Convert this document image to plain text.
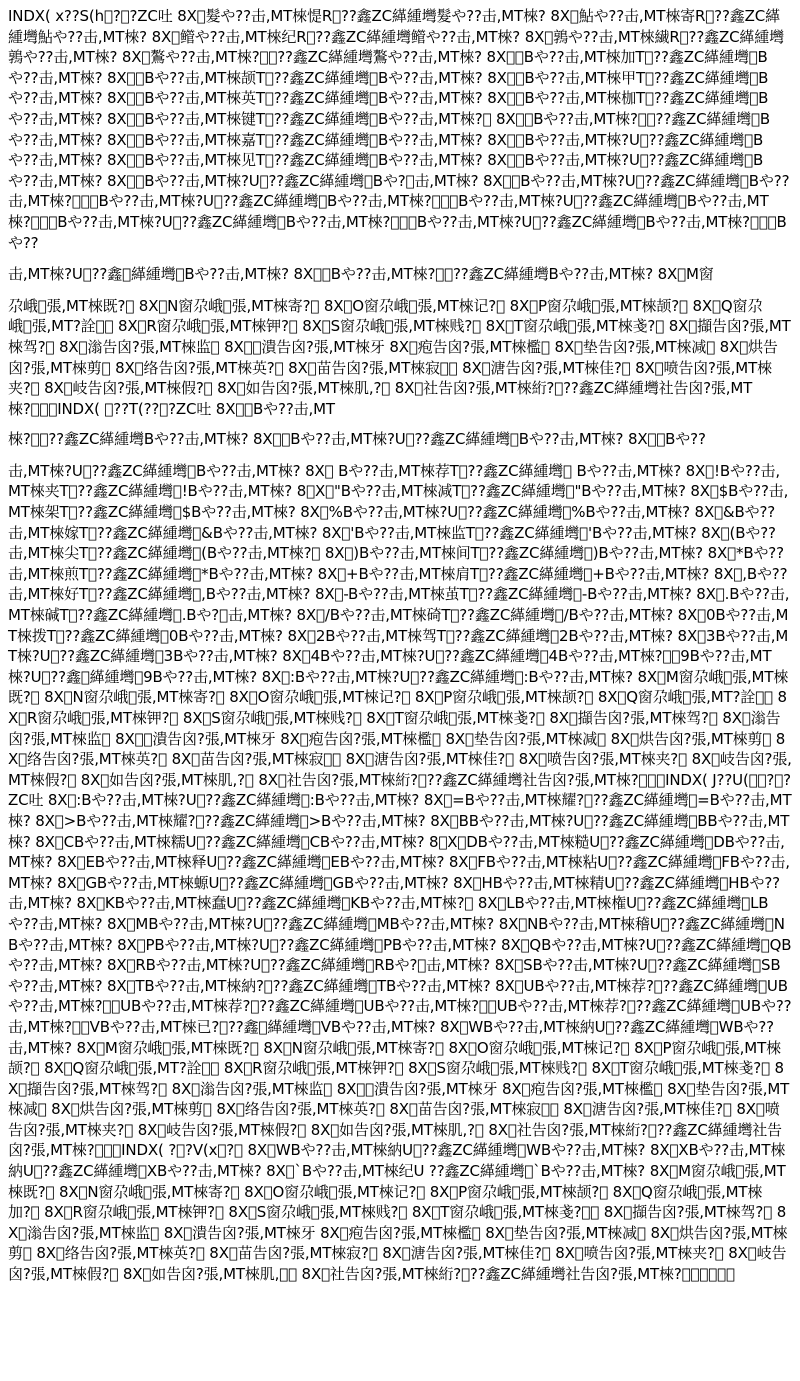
INDX( x??S(h ? ?ZC吐 8X 髮や??击,MT棶惿R ??鑫ZC緙緟壪髮や??击,MT棶? 8X 鮎や??击,MT棶寄R ??鑫ZC緙緟壪鮎や??击,MT棶? 8X 鳤や??击,MT棶纪R ??鑫ZC緙緟壪鳤や??击,MT棶? 8X 鶉や??击,MT棶繊R ??鑫ZC緙緟壪鶉や??击,MT棶? 8X 鷔や??击,MT棶?  ??鑫ZC緙緟壪鷔や??击,MT棶? 8X  Bや??击,MT棶加T ??鑫ZC緙緟壪 Bや??击,MT棶? 8X  Bや??击,MT棶颉T ??鑫ZC緙緟壪 Bや??击,MT棶? 8X  Bや??击,MT棶甲T ??鑫ZC緙緟壪 Bや??击,MT棶? 8X  Bや??击,MT棶英T ??鑫ZC緙緟壪 Bや??击,MT棶? 8X  Bや??击,MT棶枷T ??鑫ZC緙緟壪 Bや??击,MT棶? 8X  Bや??击,MT棶键T ??鑫ZC緙緟壪 Bや??击,MT棶?  8X  Bや??击,MT棶?  ??鑫ZC緙緟壪 Bや??击,MT棶? 8X  Bや??击,MT棶嘉T ??鑫ZC緙緟壪 Bや??击,MT棶? 8X  Bや??击,MT棶?U ??鑫ZC緙緟壪 Bや??击,MT棶? 8X  Bや??击,MT棶见T ??鑫ZC緙緟壪 Bや??击,MT棶? 8X  Bや??击,MT棶?U ??鑫ZC緙緟壪 Bや??击,MT棶? 8X  Bや??击,MT棶?U ??鑫ZC緙緟壪 Bや? 击,MT棶? 8X  Bや??击,MT棶?U ??鑫ZC緙緟壪 Bや??击,MT棶?   Bや??击,MT棶?U ??鑫ZC緙緟壪 Bや??击,MT棶?   Bや??击,MT棶?U ??鑫ZC緙緟壪 Bや??击,MT棶?   Bや??击,MT棶?U ??鑫ZC緙緟壪 Bや??击,MT棶?   Bや??击,MT棶?U ??鑫ZC緙緟壪 Bや??击,MT棶?   Bや??

击,MT棶?U ??鑫 緙緟壪 Bや??击,MT棶? 8X  Bや??击,MT棶?  ??鑫ZC緙緟壪Bや??击,MT棶? 8X M窗

尕峨 張,MT棶既?  8X N窗尕峨 張,MT棶寄?  8X O窗尕峨 張,MT棶记?  8X P窗尕峨 張,MT棶颉?  8X Q窗尕峨 張,MT?詮   8X R窗尕峨 張,MT棶钾?  8X S窗尕峨 張,MT棶贱?  8X T窗尕峨 張,MT棶戔?  8X 擷告囟?張,MT棶驾?  8X 滃告囟?張,MT棶监  8X  潰告囟?張,MT棶牙 8X 疱告囟?張,MT棶檻  8X 垫告囟?張,MT棶减  8X 烘告囟?張,MT棶剪  8X 络告囟?張,MT棶英?  8X 苗告囟?張,MT棶寂   8X 溏告囟?張,MT棶佳?  8X 喷告囟?張,MT棶夹?  8X 岐告囟?張,MT棶假?  8X 如告囟?張,MT棶肌,?  8X 社告囟?張,MT棶絎? ??鑫ZC緙緟壪社告囟?張,MT棶?   INDX(  ??T(?? ?ZC吐 8X  Bや??击,MT

棶?  ??鑫ZC緙緟壪Bや??击,MT棶? 8X  Bや??击,MT棶?U ??鑫ZC緙緟壪 Bや??击,MT棶? 8X  Bや??

击,MT棶?U ??鑫ZC緙緟壪 Bや??击,MT棶? 8X  Bや??击,MT棶荐T ??鑫ZC緙緟壪  Bや??击,MT棶? 8X !Bや??击,MT棶夹T ??鑫ZC緙緟壪 !Bや??击,MT棶? 8 X "Bや??击,MT棶减T ??鑫ZC緙緟壪 "Bや??击,MT棶? 8X $Bや??击,MT棶架T ??鑫ZC緙緟壪 $Bや??击,MT棶? 8X %Bや??击,MT棶?U ??鑫ZC緙緟壪 %Bや??击,MT棶? 8X &Bや??击,MT棶嫁T ??鑫ZC緙緟壪 &Bや??击,MT棶? 8X 'Bや??击,MT棶监T ??鑫ZC緙緟壪 'Bや??击,MT棶? 8X (Bや??击,MT棶尖T ??鑫ZC緙緟壪 (Bや??击,MT棶?  8X )Bや??击,MT棶间T ??鑫ZC緙緟壪 )Bや??击,MT棶? 8X *Bや??击,MT棶煎T ??鑫ZC緙緟壪 *Bや??击,MT棶? 8X +Bや??击,MT棶肩T ??鑫ZC緙緟壪 +Bや??击,MT棶? 8X ,Bや??击,MT棶好T ??鑫ZC緙緟壪 ,Bや??击,MT棶? 8X -Bや??击,MT棶茧T ??鑫ZC緙緟壪 -Bや??击,MT棶? 8X .Bや??击,MT棶碱T ??鑫ZC緙緟壪 .Bや? 击,MT棶? 8X /Bや??击,MT棶碕T ??鑫ZC緙緟壪 /Bや??击,MT棶? 8X 0Bや??击,MT棶拨T ??鑫ZC緙緟壪 0Bや??击,MT棶? 8X 2Bや??击,MT棶驾T ??鑫ZC緙緟壪 2Bや??击,MT棶? 8X 3Bや??击,MT棶?U ??鑫ZC緙緟壪 3Bや??击,MT棶? 8X 4Bや??击,MT棶?U ??鑫ZC緙緟壪 4Bや??击,MT棶?  9Bや??击,MT棶?U ??鑫 緙緟壪 9Bや??击,MT棶? 8X :Bや??击,MT棶?U ??鑫ZC緙緟壪 :Bや??击,MT棶? 8X M窗尕峨 張,MT棶既?  8X N窗尕峨 張,MT棶寄?  8X O窗尕峨 張,MT棶记?  8X P窗尕峨 張,MT棶颉?  8X Q窗尕峨 張,MT?詮   8X R窗尕峨 張,MT棶钾?  8X S窗尕峨 張,MT棶贱?  8X T窗尕峨 張,MT棶戔?  8X 擷告囟?張,MT棶驾?  8X 滃告囟?張,MT棶监  8X  潰告囟?張,MT棶牙 8X 疱告囟?張,MT棶檻  8X 垫告囟?張,MT棶减  8X 烘告囟?張,MT棶剪  8X 络告囟?張,MT棶英?  8X 苗告囟?張,MT棶寂   8X 溏告囟?張,MT棶佳?  8X 喷告囟?張,MT棶夹?  8X 岐告囟?張,MT棶假?  8X 如告囟?張,MT棶肌,?  8X 社告囟?張,MT棶絎? ??鑫ZC緙緟壪社告囟?張,MT棶?   INDX( J??U(  ? ?ZC吐 8X :Bや??击,MT棶?U ??鑫ZC緙緟壪 :Bや??击,MT棶? 8X =Bや??击,MT棶耀? ??鑫ZC緙緟壪 =Bや??击,MT棶? 8X >Bや??击,MT棶耀? ??鑫ZC緙緟壪 >Bや??击,MT棶? 8X BBや??击,MT棶?U ??鑫ZC緙緟壪 BBや??击,MT棶? 8X CBや??击,MT棶糯U ??鑫ZC緙緟壪 CBや??击,MT棶? 8 X DBや??击,MT棶糙U ??鑫ZC緙緟壪 DBや??击,MT棶? 8X EBや??击,MT棶释U ??鑫ZC緙緟壪 EBや??击,MT棶? 8X FBや??击,MT棶粘U ??鑫ZC緙緟壪 FBや??击,MT棶? 8X GBや??击,MT棶螈U ??鑫ZC緙緟壪 GBや??击,MT棶? 8X HBや??击,MT棶精U ??鑫ZC緙緟壪 HBや??击,MT棶? 8X KBや??击,MT棶蠢U ??鑫ZC緙緟壪 KBや??击,MT棶?  8X LBや??击,MT棶権U ??鑫ZC緙緟壪 LBや??击,MT棶? 8X MBや??击,MT棶?U ??鑫ZC緙緟壪 MBや??击,MT棶? 8X NBや??击,MT棶稽U ??鑫ZC緙緟壪 NBや??击,MT棶? 8X PBや??击,MT棶?U ??鑫ZC緙緟壪 PBや??击,MT棶? 8X QBや??击,MT棶?U ??鑫ZC緙緟壪 QBや??击,MT棶? 8X RBや??击,MT棶?U ??鑫ZC緙緟壪 RBや? 击,MT棶? 8X SBや??击,MT棶?U ??鑫ZC緙緟壪 SBや??击,MT棶? 8X TBや??击,MT棶納? ??鑫ZC緙緟壪 TBや??击,MT棶? 8X UBや??击,MT棶荐? ??鑫ZC緙緟壪 UBや??击,MT棶?  UBや??击,MT棶荐? ??鑫ZC緙緟壪 UBや??击,MT棶?  UBや??击,MT棶荐? ??鑫ZC緙緟壪 UBや??击,MT棶?  VBや??击,MT棶已? ??鑫 緙緟壪 VBや??击,MT棶? 8X WBや??击,MT棶納U ??鑫ZC緙緟壪 WBや??击,MT棶? 8X M窗尕峨 張,MT棶既?  8X N窗尕峨 張,MT棶寄?  8X O窗尕峨 張,MT棶记?  8X P窗尕峨 張,MT棶颉?  8X Q窗尕峨 張,MT?詮   8X R窗尕峨 張,MT棶钾?  8X S窗尕峨 張,MT棶贱?  8X T窗尕峨 張,MT棶戔?  8X 擷告囟?張,MT棶驾?  8X 滃告囟?張,MT棶监  8X  潰告囟?張,MT棶牙 8X 疱告囟?張,MT棶檻  8X 垫告囟?張,MT棶减  8X 烘告囟?張,MT棶剪  8X 络告囟?張,MT棶英?  8X 苗告囟?張,MT棶寂   8X 溏告囟?張,MT棶佳?  8X 喷告囟?張,MT棶夹?  8X 岐告囟?張,MT棶假?  8X 如告囟?張,MT棶肌,?  8X 社告囟?張,MT棶絎? ??鑫ZC緙緟壪社告囟?張,MT棶?   INDX( ? ?V(x ?  8X WBや??击,MT棶納U ??鑫ZC緙緟壪 WBや??击,MT棶? 8X XBや??击,MT棶納U ??鑫ZC緙緟壪 XBや??击,MT棶? 8X `Bや??击,MT棶纪U ??鑫ZC緙緟壪 `Bや??击,MT棶? 8X M窗尕峨 張,MT棶既?  8X N窗尕峨 張,MT棶寄?  8X O窗尕峨 張,MT棶记?  8X P窗尕峨 張,MT棶颉?  8X Q窗尕峨 張,MT棶加?  8X R窗尕峨 張,MT棶钾?  8X S窗尕峨 張,MT棶贱?  8X T窗尕峨 張,MT棶戔?   8X 擷告囟?張,MT棶驾?  8X 滃告囟?張,MT棶监  8X 潰告囟?張,MT棶牙 8X 疱告囟?張,MT棶檻  8X 垫告囟?張,MT棶减  8X 烘告囟?張,MT棶剪  8X 络告囟?張,MT棶英?  8X 苗告囟?張,MT棶寂?  8X 溏告囟?張,MT棶佳?  8X 喷告囟?張,MT棶夹?  8X 岐告囟?張,MT棶假?  8X 如告囟?張,MT棶肌,   8X 社告囟?張,MT棶絎? ??鑫ZC緙緟壪社告囟?張,MT棶?      
